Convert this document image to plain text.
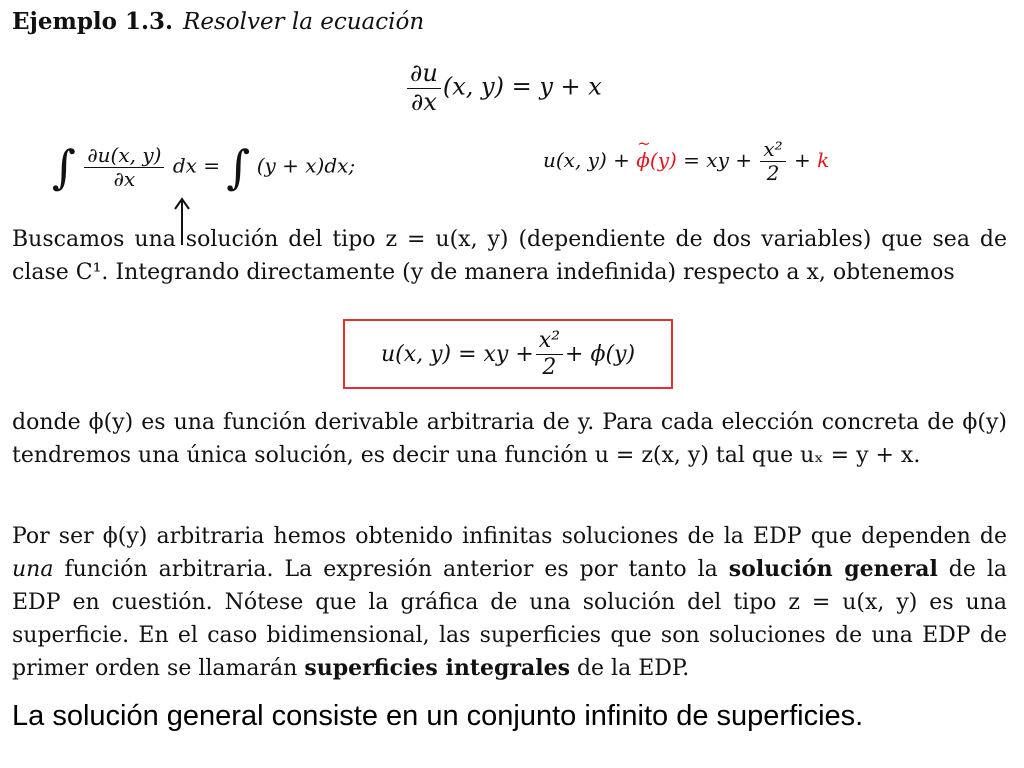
Ejemplo 1.3. Resolver la ecuación
$\frac{\partial u}{\partial x} (x$, y) = y + x
∫ $\frac{\partial u(x, y)}{\partial x}$ dx = ∫ (y + x)dx;	u(x, y) + ~ ϕ(y) = xy + $\frac{\text{x²}}{2} + k$
Buscamos una solución del tipo z = u(x, y) (dependiente de dos variables) que sea de clase C¹. Integrando directamente (y de manera indefinida) respecto a x, obtenemos
u(x, y) = xy + $\frac{\text{x²}}{2} + \phi(y)$
donde ϕ(y) es una función derivable arbitraria de y. Para cada elección concreta de ϕ(y) tendremos una única solución, es decir una función u = z(x, y) tal que uₓ = y + x.
Por ser ϕ(y) arbitraria hemos obtenido infinitas soluciones de la EDP que dependen de una función arbitraria. La expresión anterior es por tanto la solución general de la EDP en cuestión. Nótese que la gráfica de una solución del tipo z = u(x, y) es una superficie. En el caso bidimensional, las superficies que son soluciones de una EDP de primer orden se llamarán superficies integrales de la EDP.
La solución general consiste en un conjunto infinito de superficies.
